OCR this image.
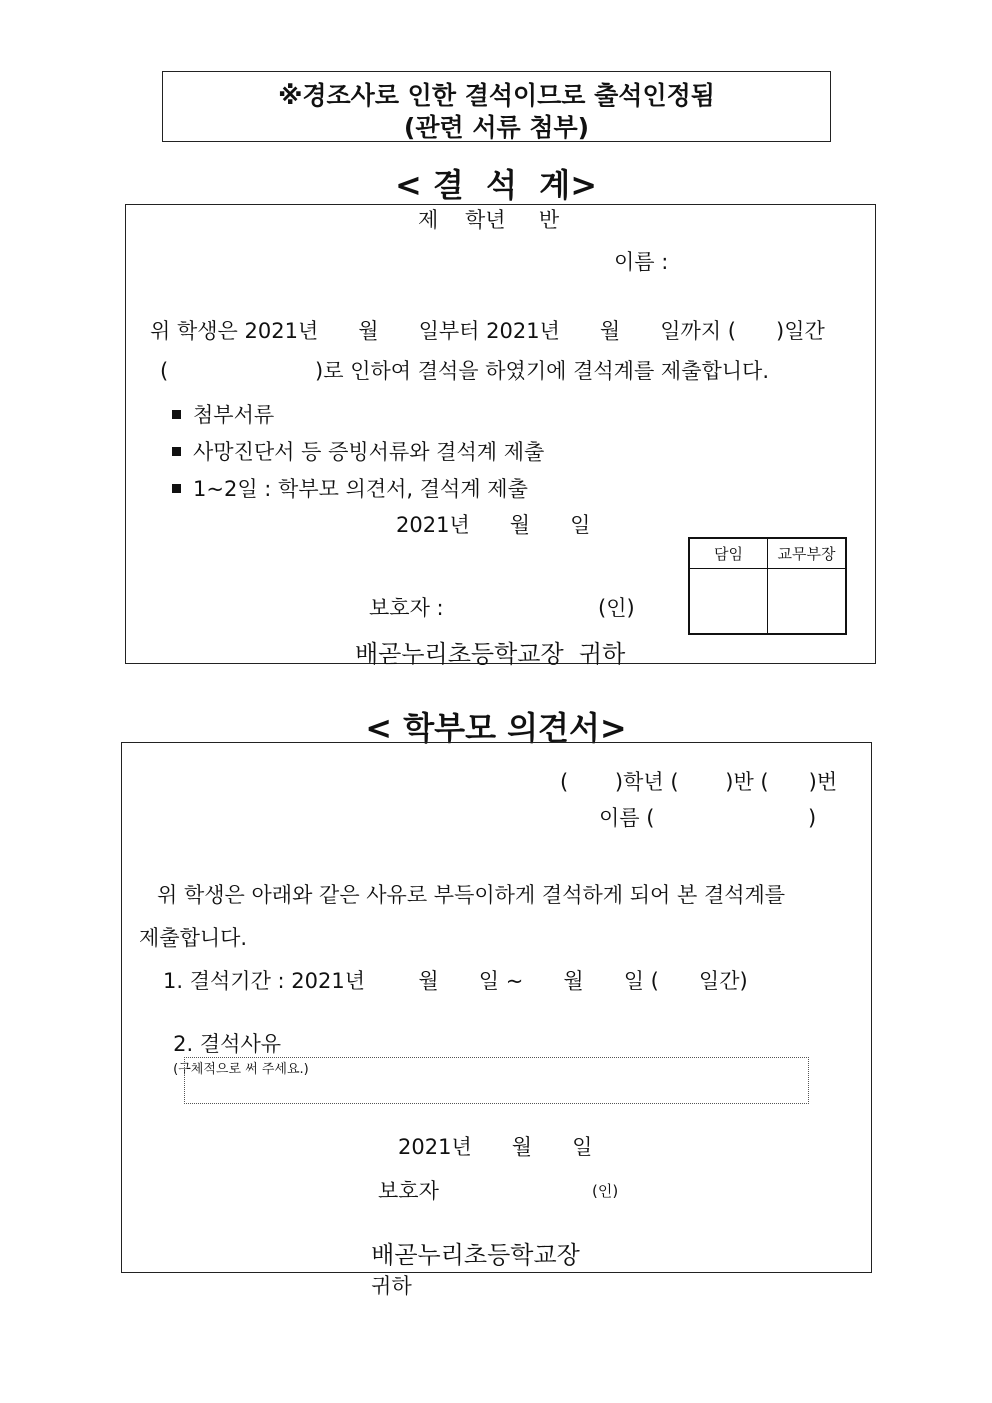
※경조사로 인한 결석이므로 출석인정됨
(관련 서류 첨부)
< 결  석  계>
제    학년     반
이름 :
위 학생은 2021년      월      일부터 2021년      월      일까지 (      )일간
(                      )로 인하여 결석을 하였기에 결석계를 제출합니다.
첨부서류
사망진단서 등 증빙서류와 결석계 제출
1~2일 : 학부모 의견서, 결석계 제출
2021년      월      일
담임	교무부장
보호자 :	(인)
배곧누리초등학교장  귀하
< 학부모 의견서>
(       )학년 (       )반 (      )번
이름 (                       )
위 학생은 아래와 같은 사유로 부득이하게 결석하게 되어 본 결석계를
제출합니다.
1. 결석기간 : 2021년        월      일 ~      월      일 (      일간)

2. 결석사유
(구체적으로 써 주세요.)

2021년      월      일
보호자	(인)

배곧누리초등학교장
귀하
